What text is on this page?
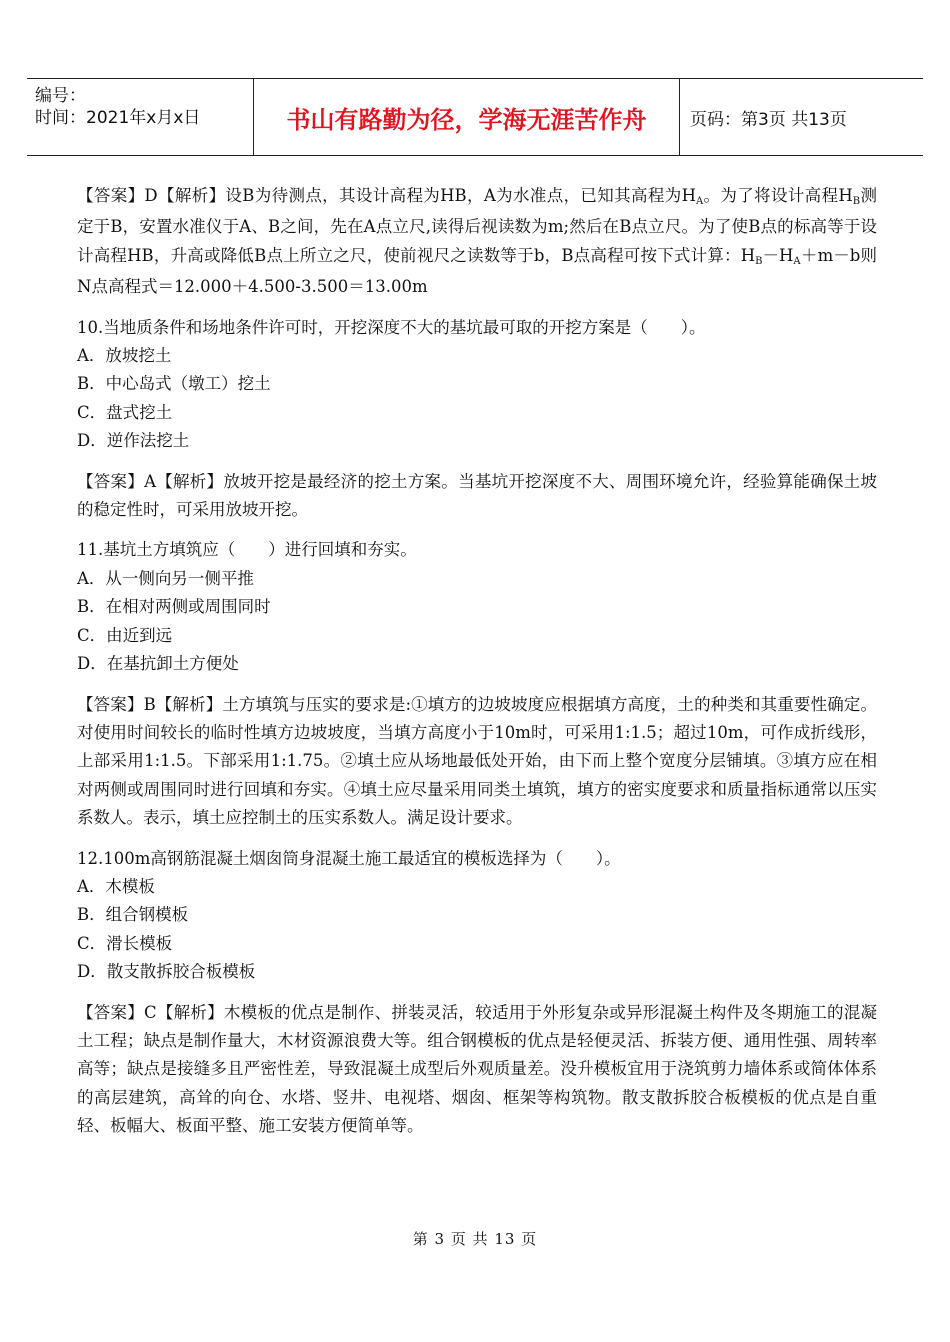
编号：
时间：2021年x月x日	书山有路勤为径，学海无涯苦作舟	页码：第3页 共13页

【答案】D【解析】设B为待测点，其设计高程为HB，A为水准点，已知其高程为$H_A$。为了将设计高程$H_B$测定于B，安置水准仪于A、B之间，先在A点立尺,读得后视读数为m;然后在B点立尺。为了使B点的标高等于设计高程HB，升高或降低B点上所立之尺，使前视尺之读数等于b，B点高程可按下式计算：$H_B-H_A+m-b$则N点高程式＝12.000＋4.500-3.500＝13.00m

10.当地质条件和场地条件许可时，开挖深度不大的基坑最可取的开挖方案是（　　）。

A．放坡挖土

B．中心岛式（墩工）挖土

C．盘式挖土

D．逆作法挖土

【答案】A【解析】放坡开挖是最经济的挖土方案。当基坑开挖深度不大、周围环境允许，经验算能确保土坡的稳定性时，可采用放坡开挖。

11.基坑土方填筑应（　　）进行回填和夯实。

A．从一侧向另一侧平推

B．在相对两侧或周围同时

C．由近到远

D．在基抗卸土方便处

【答案】B【解析】土方填筑与压实的要求是:①填方的边坡坡度应根据填方高度，土的种类和其重要性确定。对使用时间较长的临时性填方边坡坡度，当填方高度小于10m时，可采用1:1.5；超过10m，可作成折线形，上部采用1:1.5。下部采用1:1.75。②填土应从场地最低处开始，由下而上整个宽度分层铺填。③填方应在相对两侧或周围同时进行回填和夯实。④填土应尽量采用同类土填筑，填方的密实度要求和质量指标通常以压实系数人。表示，填土应控制土的压实系数人。满足设计要求。

12.100m高钢筋混凝土烟囱筒身混凝土施工最适宜的模板选择为（　　）。

A．木模板

B．组合钢模板

C．滑长模板

D．散支散拆胶合板模板

【答案】C【解析】木模板的优点是制作、拼装灵活，较适用于外形复杂或异形混凝土构件及冬期施工的混凝土工程；缺点是制作量大，木材资源浪费大等。组合钢模板的优点是轻便灵活、拆装方便、通用性强、周转率高等；缺点是接缝多且严密性差，导致混凝土成型后外观质量差。没升模板宜用于浇筑剪力墙体系或简体体系的高层建筑，高耸的向仓、水塔、竖井、电视塔、烟囱、框架等构筑物。散支散拆胶合板模板的优点是自重轻、板幅大、板面平整、施工安装方便简单等。

第 3 页 共 13 页
